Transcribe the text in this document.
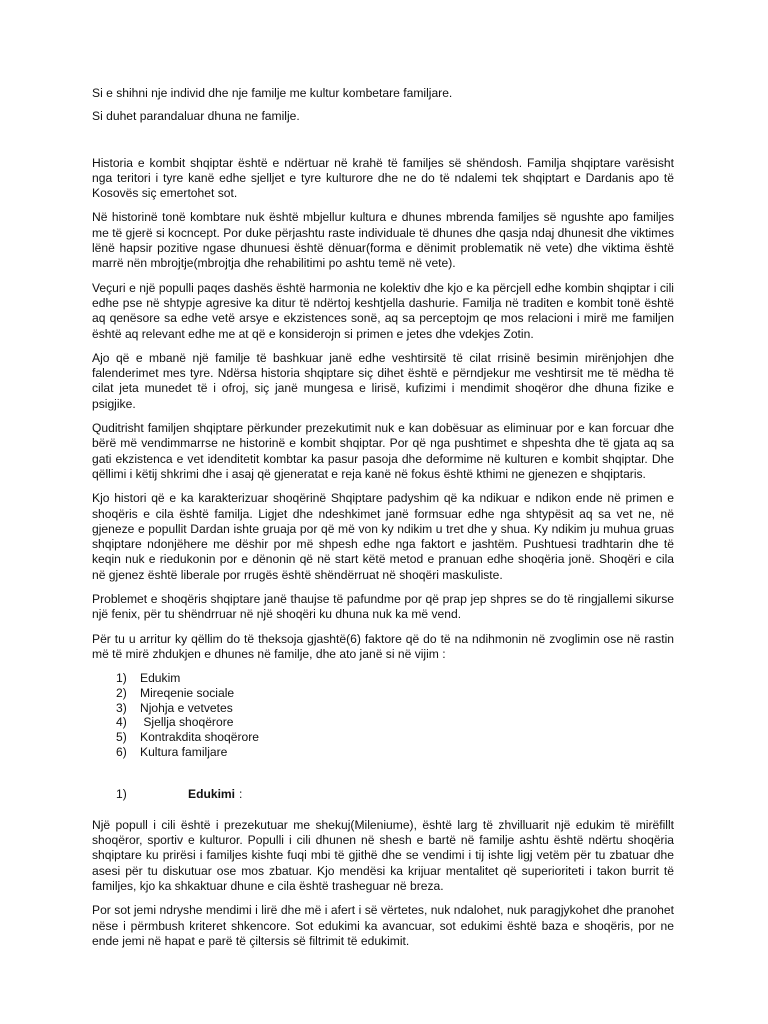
Si e shihni nje individ dhe nje familje me kultur kombetare familjare.

Si duhet parandaluar dhuna ne familje.

Historia e kombit shqiptar është e ndërtuar në krahë të familjes së shëndosh. Familja shqiptare varësisht nga teritori i tyre kanë edhe sjelljet e tyre kulturore dhe ne do të ndalemi tek shqiptart e Dardanis apo të Kosovës siç emertohet sot.

Në historinë tonë kombtare nuk është mbjellur kultura e dhunes mbrenda familjes së ngushte apo familjes me të gjerë si kocncept. Por duke përjashtu raste individuale të dhunes dhe qasja ndaj dhunesit dhe viktimes lënë hapsir pozitive ngase dhunuesi është dënuar(forma e dënimit problematik në vete) dhe viktima është marrë nën mbrojtje(mbrojtja dhe rehabilitimi po ashtu temë në vete).

Veçuri e një populli paqes dashës është harmonia ne kolektiv dhe kjo e ka përcjell edhe kombin shqiptar i cili edhe pse në shtypje agresive ka ditur të ndërtoj keshtjella dashurie. Familja në traditen e kombit tonë është aq qenësore sa edhe vetë arsye e ekzistences sonë, aq sa perceptojm qe mos relacioni i mirë me familjen është aq relevant edhe me at që e konsiderojn si primen e jetes dhe vdekjes Zotin.

Ajo që e mbanë një familje të bashkuar janë edhe veshtirsitë të cilat rrisinë besimin mirënjohjen dhe falenderimet mes tyre. Ndërsa historia shqiptare siç dihet është e përndjekur me veshtirsit me të mëdha të cilat jeta munedet të i ofroj, siç janë mungesa e lirisë, kufizimi i mendimit shoqëror dhe dhuna fizike e psigjike.

Quditrisht familjen shqiptare përkunder prezekutimit nuk e kan dobësuar as eliminuar por e kan forcuar dhe bërë më vendimmarrse ne historinë e kombit shqiptar. Por që nga pushtimet e shpeshta dhe të gjata aq sa gati ekzistenca e vet idenditetit kombtar ka pasur pasoja dhe deformime në kulturen e kombit shqiptar. Dhe qëllimi i këtij shkrimi dhe i asaj që gjeneratat e reja kanë në fokus është kthimi ne gjenezen e shqiptaris.

Kjo histori që e ka karakterizuar shoqërinë Shqiptare padyshim që ka ndikuar e ndikon ende në primen e shoqëris e cila është familja. Ligjet dhe ndeshkimet janë formsuar edhe nga shtypësit aq sa vet ne, në gjeneze e popullit Dardan ishte gruaja por që më von ky ndikim u tret dhe y shua. Ky ndikim ju muhua gruas shqiptare ndonjëhere me dëshir por më shpesh edhe nga faktort e jashtëm. Pushtuesi tradhtarin dhe të keqin nuk e riedukonin por e dënonin që në start këtë metod e pranuan edhe shoqëria jonë. Shoqëri e cila në gjenez është liberale por rrugës është shëndërruat në shoqëri maskuliste.

Problemet e shoqëris shqiptare janë thaujse të pafundme por që prap jep shpres se do të ringjallemi sikurse një fenix, për tu shëndrruar në një shoqëri ku dhuna nuk ka më vend.

Për tu u arritur ky qëllim do të theksoja gjashtë(6) faktore që do të na ndihmonin në zvoglimin ose në rastin më të mirë zhdukjen e dhunes në familje, dhe ato janë si në vijim :

1)	Edukim
2)	Mireqenie sociale
3)	Njohja e vetvetes
4)	Sjellja shoqërore
5)	Kontrakdita shoqërore
6)	Kultura familjare
1)	Edukimi :

Një popull i cili është i prezekutuar me shekuj(Mileniume), është larg të zhvilluarit një edukim të mirëfillt shoqëror, sportiv e kulturor. Populli i cili dhunen në shesh e bartë në familje ashtu është ndërtu shoqëria shqiptare ku prirësi i familjes kishte fuqi mbi të gjithë dhe se vendimi i tij ishte ligj vetëm për tu zbatuar dhe asesi për tu diskutuar ose mos zbatuar. Kjo mendësi ka krijuar mentalitet që superioriteti i takon burrit të familjes, kjo ka shkaktuar dhune e cila është trasheguar në breza.

Por sot jemi ndryshe mendimi i lirë dhe më i afert i së vërtetes, nuk ndalohet, nuk paragjykohet dhe pranohet nëse i përmbush kriteret shkencore. Sot edukimi ka avancuar, sot edukimi është baza e shoqëris, por ne ende jemi në hapat e parë të çiltersis së filtrimit të edukimit.
